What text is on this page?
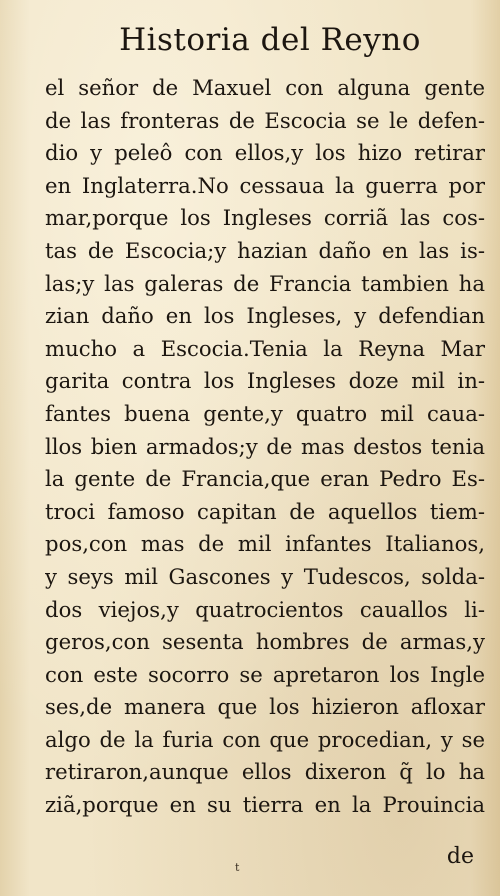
Historia del Reyno
el señor de Maxuel con alguna gente
de las fronteras de Escocia se le defen-
dio y peleô con ellos,y los hizo retirar
en Inglaterra.No cessaua la guerra por
mar,porque los Ingleses corriã las cos-
tas de Escocia;y hazian daño en las is-
las;y las galeras de Francia tambien ha
zian daño en los Ingleses, y defendian
mucho a Escocia.Tenia la Reyna Mar
garita contra los Ingleses doze mil in-
fantes buena gente,y quatro mil caua-
llos bien armados;y de mas destos tenia
la gente de Francia,que eran Pedro Es-
troci famoso capitan de aquellos tiem-
pos,con mas de mil infantes Italianos,
y seys mil Gascones y Tudescos, solda-
dos viejos,y quatrocientos cauallos li-
geros,con sesenta hombres de armas,y
con este socorro se apretaron los Ingle
ses,de manera que los hizieron afloxar
algo de la furia con que procedian, y se
retiraron,aunque ellos dixeron q̃ lo ha
ziã,porque en su tierra en la Prouincia
t	de
